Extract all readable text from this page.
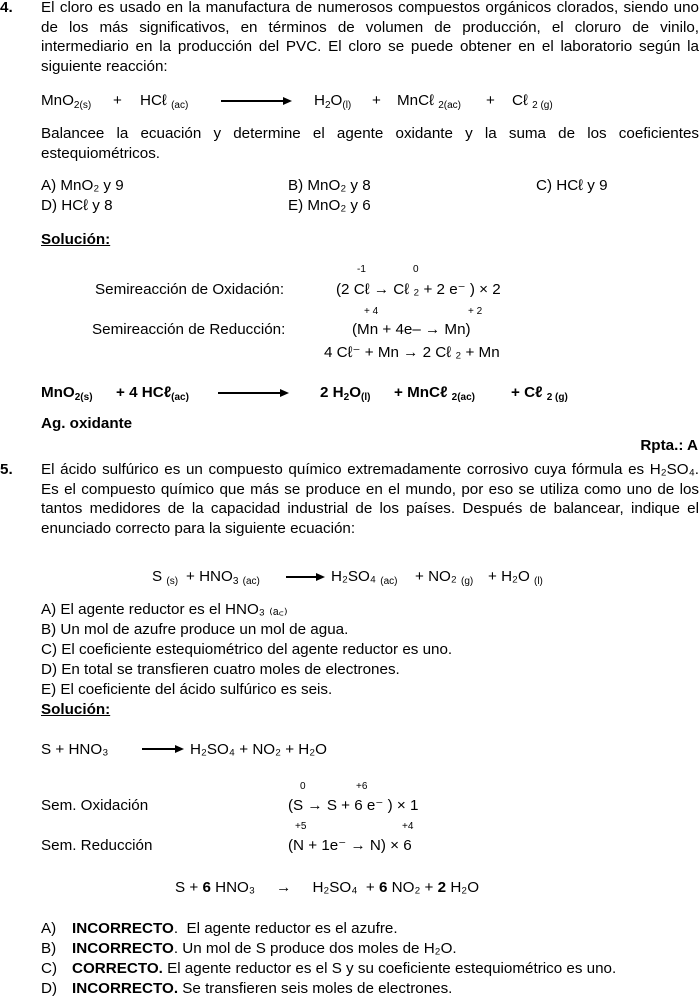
4. El cloro es usado en la manufactura de numerosos compuestos orgánicos clorados, siendo uno de los más significativos, en términos de volumen de producción, el cloruro de vinilo, intermediario en la producción del PVC. El cloro se puede obtener en el laboratorio según la siguiente reacción:
MnO$_{2(s)}$ + HCℓ $_{(ac)}$	$H_2O_{(l)}$ + MnCℓ $_{2(ac)}$ + Cℓ $_{2 (g)}$
Balancee la ecuación y determine el agente oxidante y la suma de los coeficientes estequiométricos.
A) MnO₂ y 9	B) MnO₂ y 8	C) HCℓ y 9
D) HCℓ y 8	E) MnO₂ y 6
Solución:
-1	0
Semireacción de Oxidación:	(2 Cℓ → Cℓ ₂ + 2 e⁻ ) × 2
+ 4	+ 2
Semireacción de Reducción:	(Mn + 4e– → Mn)
4 Cℓ⁻ + Mn → 2 Cℓ ₂ + Mn
MnO$_{2(s)}$ + 4 HCℓ$_{(ac)}$	2 $H_2O_{(l)}$ + MnCℓ $_{2(ac)}$ + Cℓ $_{2 (g)}$
Ag. oxidante
Rpta.: A
5. El ácido sulfúrico es un compuesto químico extremadamente corrosivo cuya fórmula es H₂SO₄. Es el compuesto químico que más se produce en el mundo, por eso se utiliza como uno de los tantos medidores de la capacidad industrial de los países. Después de balancear, indique el enunciado correcto para la siguiente ecuación:
S $_{(s)} + HNO_3$ $_{(ac)}$	H₂SO₄ $_{(ac)}$ + NO₂ $_{(g)}$ + H₂O $_{(l)}$
A) El agente reductor es el HNO₃ ₍ₐ꜀₎
B) Un mol de azufre produce un mol de agua.
C) El coeficiente estequiométrico del agente reductor es uno.
D) En total se transfieren cuatro moles de electrones.
E) El coeficiente del ácido sulfúrico es seis.
Solución:
S + HNO₃	H₂SO₄ + NO₂ + H₂O
0	+6
Sem. Oxidación	(S → S + 6 e⁻ ) × 1
+5	+4
Sem. Reducción	(N + 1e⁻ → N) × 6
S + 6 HNO₃     →     H₂SO₄  + 6 NO₂ + 2 H₂O
A) INCORRECTO.  El agente reductor es el azufre.
B) INCORRECTO. Un mol de S produce dos moles de H₂O.
C) CORRECTO. El agente reductor es el S y su coeficiente estequiométrico es uno.
D) INCORRECTO. Se transfieren seis moles de electrones.
